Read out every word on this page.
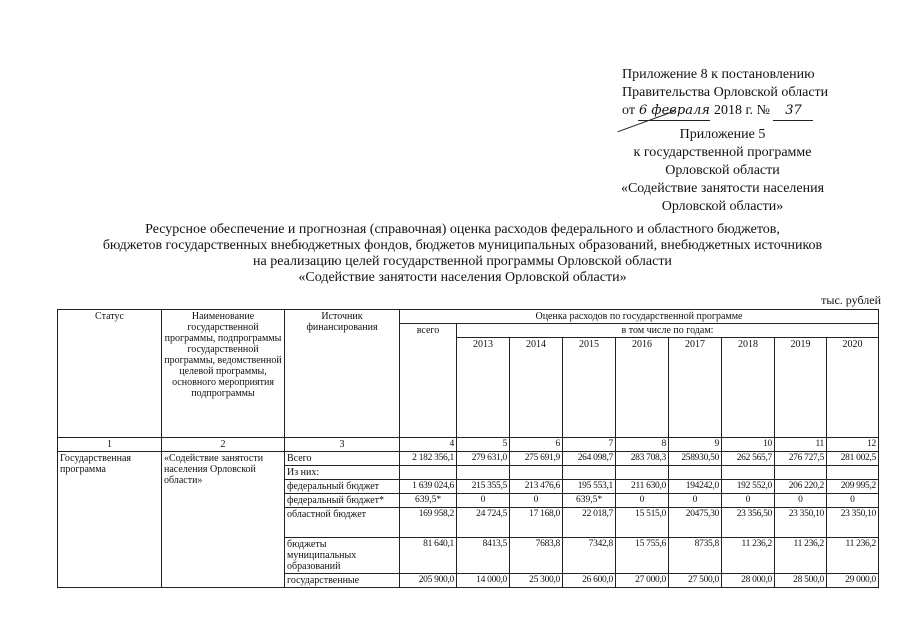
Приложение 8 к постановлению
Правительства Орловской области
от 6 февраля 2018 г. № 37
Приложение 5
к государственной программе
Орловской области
«Содействие занятости населения
Орловской области»
Ресурсное обеспечение и прогнозная (справочная) оценка расходов федерального и областного бюджетов,
бюджетов государственных внебюджетных фондов, бюджетов муниципальных образований, внебюджетных источников
на реализацию целей государственной программы Орловской области
«Содействие занятости населения Орловской области»
тыс. рублей
Статус	Наименование государственной программы, подпрограммы государственной программы, ведомственной целевой программы, основного мероприятия подпрограммы	Источник финансирования	Оценка расходов по государственной программе								
			всего	в том числе по годам:							
				2013	2014	2015	2016	2017	2018	2019	2020
1	2	3	4	5	6	7	8	9	10	11	12
Государственная программа	«Содействие занятости населения Орловской области»	Всего	2 182 356,1	279 631,0	275 691,9	264 098,7	283 708,3	258930,50	262 565,7	276 727,5	281 002,5
		Из них:									
		федеральный бюджет	1 639 024,6	215 355,5	213 476,6	195 553,1	211 630,0	194242,0	192 552,0	206 220,2	209 995,2
		федеральный бюджет*	639,5*	0	0	639,5*	0	0	0	0	0
		областной бюджет	169 958,2	24 724,5	17 168,0	22 018,7	15 515,0	20475,30	23 356,50	23 350,10	23 350,10
		бюджеты муниципальных образований	81 640,1	8413,5	7683,8	7342,8	15 755,6	8735,8	11 236,2	11 236,2	11 236,2
		государственные	205 900,0	14 000,0	25 300,0	26 600,0	27 000,0	27 500,0	28 000,0	28 500,0	29 000,0
